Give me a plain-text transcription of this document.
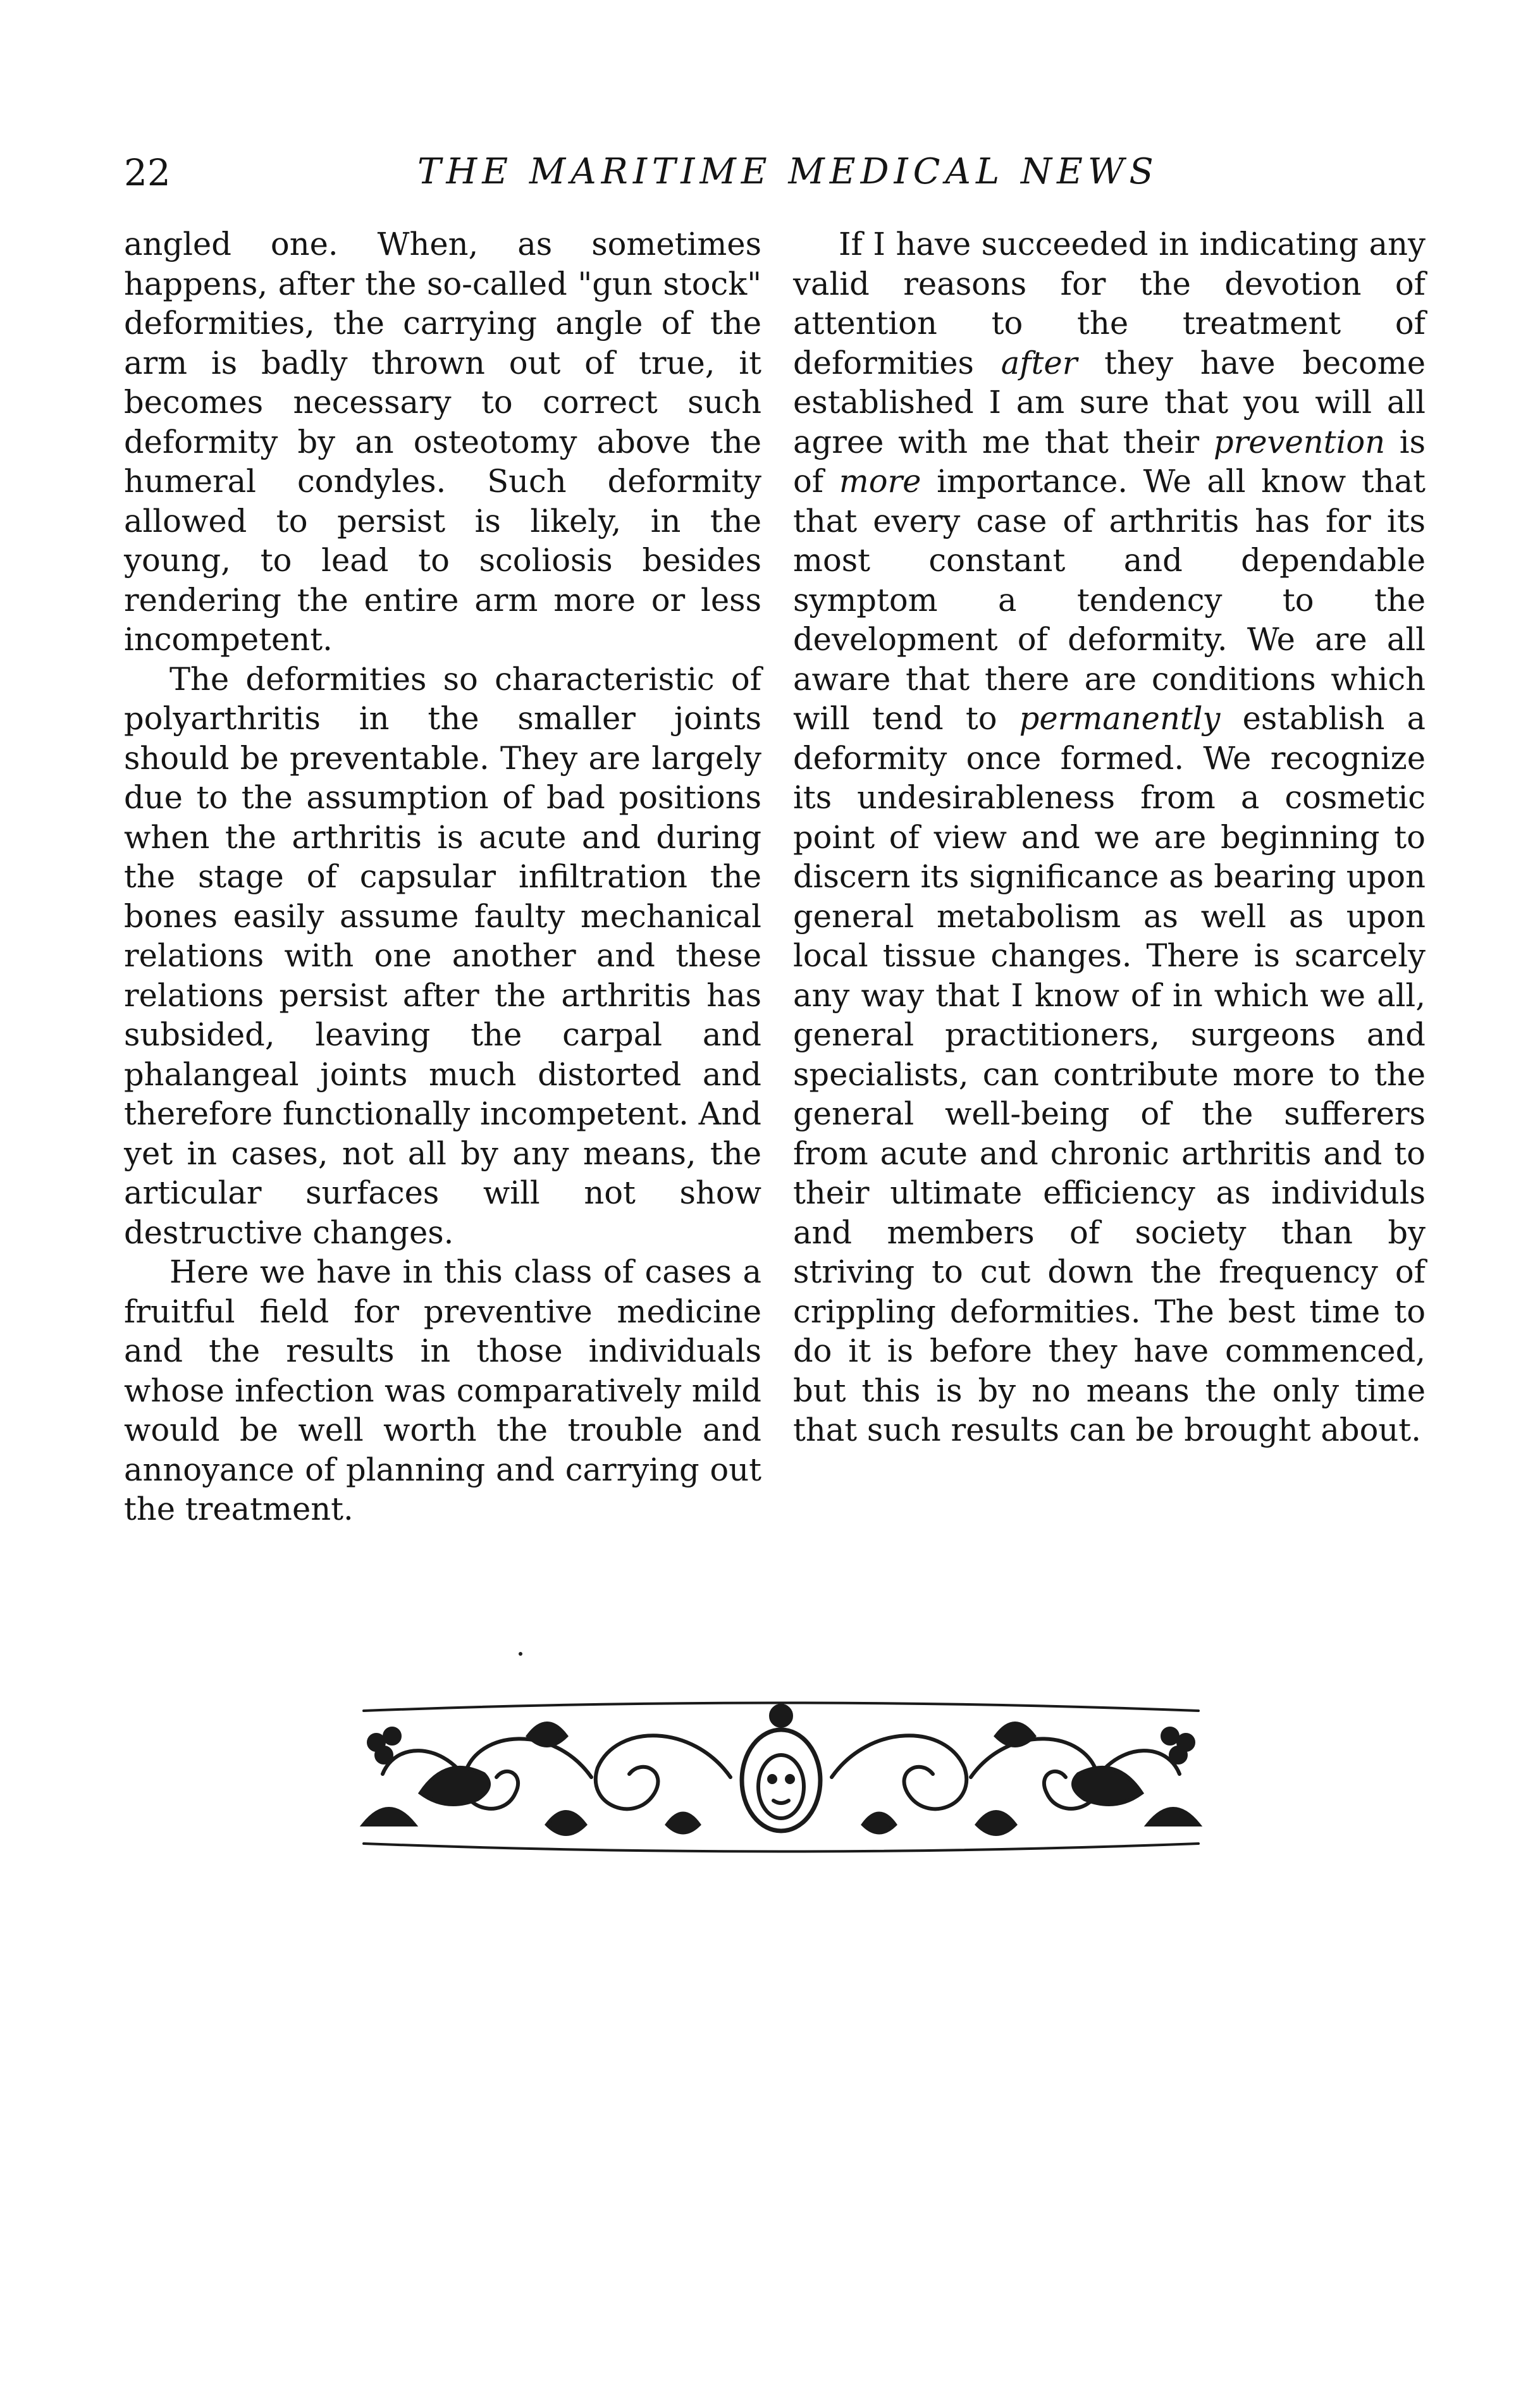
22	THE MARITIME MEDICAL NEWS

angled one. When, as sometimes happens, after the so-called "gun stock" deformities, the carrying angle of the arm is badly thrown out of true, it becomes necessary to correct such deformity by an osteotomy above the humeral condyles. Such deformity allowed to persist is likely, in the young, to lead to scoliosis besides rendering the entire arm more or less incompetent.

The deformities so characteristic of polyarthritis in the smaller joints should be preventable. They are largely due to the assumption of bad positions when the arthritis is acute and during the stage of capsular infiltration the bones easily assume faulty mechanical relations with one another and these relations persist after the arthritis has subsided, leaving the carpal and phalangeal joints much distorted and therefore functionally incompetent. And yet in cases, not all by any means, the articular surfaces will not show destructive changes.

Here we have in this class of cases a fruitful field for preventive medicine and the results in those individuals whose infection was comparatively mild would be well worth the trouble and annoyance of planning and carrying out the treatment.

If I have succeeded in indicating any valid reasons for the devotion of attention to the treatment of deformities after they have become established I am sure that you will all agree with me that their prevention is of more importance. We all know that that every case of arthritis has for its most constant and dependable symptom a tendency to the development of deformity. We are all aware that there are conditions which will tend to permanently establish a deformity once formed. We recognize its undesirableness from a cosmetic point of view and we are beginning to discern its significance as bearing upon general metabolism as well as upon local tissue changes. There is scarcely any way that I know of in which we all, general practitioners, surgeons and specialists, can contribute more to the general well-being of the sufferers from acute and chronic arthritis and to their ultimate efficiency as individuls and members of society than by striving to cut down the frequency of crippling deformities. The best time to do it is before they have commenced, but this is by no means the only time that such results can be brought about.
